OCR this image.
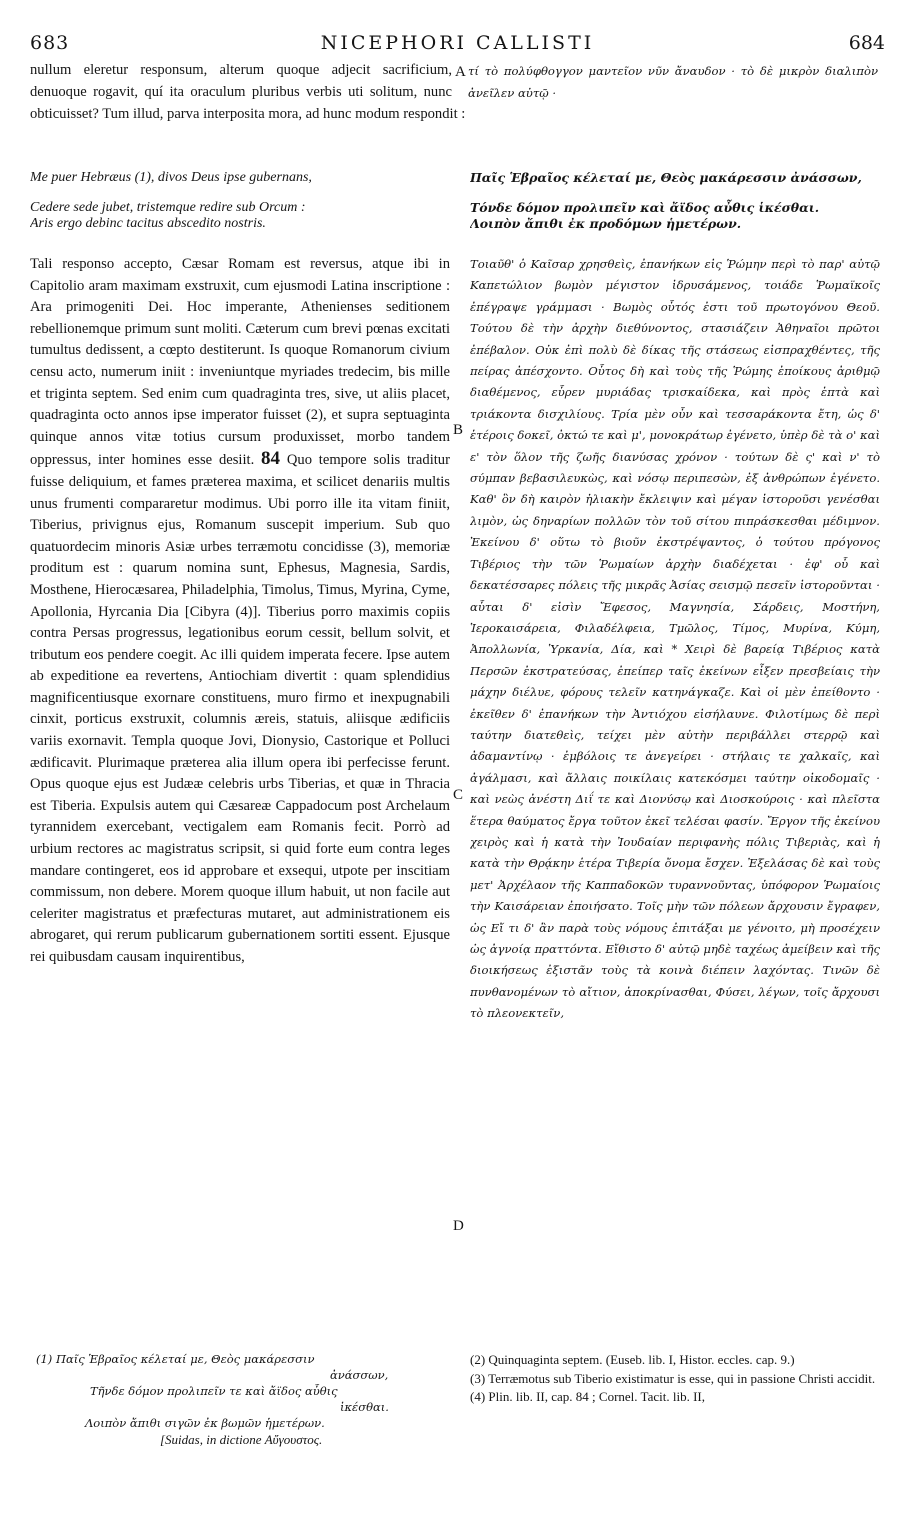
683	NICEPHORI CALLISTI	684

nullum eleretur responsum, alterum quoque adjecit sacrificium, denuoque rogavit, quí ita oraculum pluribus verbis uti solitum, nunc

A τί τὸ πολύφθογγον μαντεῖον νῦν ἄναυδον · τὸ δὲ μικρὸν διαλιπὸν ἀνεῖλεν αὐτῷ ·

obticuisset? Tum illud, parva interposita mora, ad hunc modum respondit :

Me puer Hebræus (1), divos Deus ipse gubernans,
Cedere sede jubet, tristemque redire sub Orcum :
Aris ergo debinc tacitus abscedito nostris.
Παῖς Ἑβραῖος κέλεταί με, Θεὸς μακάρεσσιν ἀνάσσων,
Τόνδε δόμον προλιπεῖν καὶ ἄϊδος αὖθις ἱκέσθαι.
Λοιπὸν ἄπιθι ἐκ προδόμων ἡμετέρων.
Tali responso accepto, Cæsar Romam est reversus, atque ibi in Capitolio aram maximam exstruxit, cum ejusmodi Latina inscriptione : Ara primogeniti Dei. Hoc imperante, Athenienses seditionem rebellionemque primum sunt moliti. Cæterum cum brevi pœnas excitati tumultus dedissent, a cœpto destiterunt. Is quoque Romanorum civium censu acto, numerum iniit : inveniuntque myriades tredecim, bis mille et triginta septem. Sed enim cum quadraginta tres, sive, ut aliis placet, quadraginta octo annos ipse imperator fuisset (2), et supra septuaginta quinque annos vitæ totius cursum produxisset, morbo tandem oppressus, inter homines esse desiit. 84 Quo tempore solis traditur fuisse deliquium, et fames præterea maxima, et scilicet denariis multis unus frumenti compararetur modimus. Ubi porro ille ita vitam finiit, Tiberius, privignus ejus, Romanum suscepit imperium. Sub quo quatuordecim minoris Asiæ urbes terræmotu concidisse (3), memoriæ proditum est : quarum nomina sunt, Ephesus, Magnesia, Sardis, Mosthene, Hierocæsarea, Philadelphia, Timolus, Timus, Myrina, Cyme, Apollonia, Hyrcania Dia [Cibyra (4)]. Tiberius porro maximis copiis contra Persas progressus, legationibus eorum cessit, bellum solvit, et tributum eos pendere coegit. Ac illi quidem imperata fecere. Ipse autem ab expeditione ea revertens, Antiochiam divertit : quam splendidius magnificentiusque exornare constituens, muro firmo et inexpugnabili cinxit, porticus exstruxit, columnis æreis, statuis, aliisque ædificiis variis exornavit. Templa quoque Jovi, Dionysio, Castorique et Polluci ædificavit. Plurimaque præterea alia illum opera ibi perfecisse ferunt. Opus quoque ejus est Judææ celebris urbs Tiberias, et quæ in Thracia est Tiberia. Expulsis autem qui Cæsareæ Cappadocum post Archelaum tyrannidem exercebant, vectigalem eam Romanis fecit. Porrò ad urbium rectores ac magistratus scripsit, si quid forte eum contra leges mandare contingeret, eos id approbare et exsequi, utpote per inscitiam commissum, non debere. Morem quoque illum habuit, ut non facile aut celeriter magistratus et præfecturas mutaret, aut administrationem eis abrogaret, qui rerum publicarum gubernationem sortiti essent. Ejusque rei quibusdam causam inquirentibus,
B
C
D
Τοιαῦθ' ὁ Καῖσαρ χρησθεὶς, ἐπανήκων εἰς Ῥώμην περὶ τὸ παρ' αὐτῷ Καπετώλιον βωμὸν μέγιστον ἱδρυσάμενος, τοιάδε Ῥωμαϊκοῖς ἐπέγραψε γράμμασι · Βωμὸς οὗτός ἐστι τοῦ πρωτογόνου Θεοῦ. Τούτου δὲ τὴν ἀρχὴν διεθύνοντος, στασιάζειν Ἀθηναῖοι πρῶτοι ἐπέβαλον. Οὐκ ἐπὶ πολὺ δὲ δίκας τῆς στάσεως εἰσπραχθέντες, τῆς πείρας ἀπέσχοντο. Οὗτος δὴ καὶ τοὺς τῆς Ῥώμης ἐποίκους ἀριθμῷ διαθέμενος, εὗρεν μυριάδας τρισκαίδεκα, καὶ πρὸς ἑπτὰ καὶ τριάκοντα δισχιλίους. Τρία μὲν οὖν καὶ τεσσαράκοντα ἔτη, ὡς δ' ἑτέροις δοκεῖ, ὀκτώ τε καὶ μ', μονοκράτωρ ἐγένετο, ὑπὲρ δὲ τὰ ο' καὶ ε' τὸν ὅλον τῆς ζωῆς διανύσας χρόνον · τούτων δὲ ς' καὶ ν' τὸ σύμπαν βεβασιλευκὼς, καὶ νόσῳ περιπεσὼν, ἐξ ἀνθρώπων ἐγένετο. Καθ' ὃν δὴ καιρὸν ἡλιακὴν ἔκλειψιν καὶ μέγαν ἱστοροῦσι γενέσθαι λιμὸν, ὡς δηναρίων πολλῶν τὸν τοῦ σίτου πιπράσκεσθαι μέδιμνον. Ἐκείνου δ' οὕτω τὸ βιοῦν ἐκστρέψαντος, ὁ τούτου πρόγονος Τιβέριος τὴν τῶν Ῥωμαίων ἀρχὴν διαδέχεται · ἐφ' οὗ καὶ δεκατέσσαρες πόλεις τῆς μικρᾶς Ἀσίας σεισμῷ πεσεῖν ἱστοροῦνται · αὗται δ' εἰσὶν Ἔφεσος, Μαγνησία, Σάρδεις, Μοστήνη, Ἱεροκαισάρεια, Φιλαδέλφεια, Τμῶλος, Τίμος, Μυρίνα, Κύμη, Ἀπολλωνία, Ὑρκανία, Δία, καὶ * Χειρὶ δὲ βαρείᾳ Τιβέριος κατὰ Περσῶν ἐκστρατεύσας, ἐπείπερ ταῖς ἐκείνων εἶξεν πρεσβείαις τὴν μάχην διέλυε, φόρους τελεῖν κατηνάγκαζε. Καὶ οἱ μὲν ἐπείθοντο · ἐκεῖθεν δ' ἐπανήκων τὴν Ἀντιόχου εἰσήλαυνε. Φιλοτίμως δὲ περὶ ταύτην διατεθεὶς, τείχει μὲν αὐτὴν περιβάλλει στερρῷ καὶ ἀδαμαντίνῳ · ἐμβόλοις τε ἀνεγείρει · στήλαις τε χαλκαῖς, καὶ ἀγάλμασι, καὶ ἄλλαις ποικίλαις κατεκόσμει ταύτην οἰκοδομαῖς · καὶ νεὼς ἀνέστη Διΐ τε καὶ Διονύσῳ καὶ Διοσκούροις · καὶ πλεῖστα ἕτερα θαύματος ἔργα τοῦτον ἐκεῖ τελέσαι φασίν. Ἔργον τῆς ἐκείνου χειρὸς καὶ ἡ κατὰ τὴν Ἰουδαίαν περιφανὴς πόλις Τιβεριὰς, καὶ ἡ κατὰ τὴν Θρᾴκην ἑτέρα Τιβερία ὄνομα ἔσχεν. Ἐξελάσας δὲ καὶ τοὺς μετ' Ἀρχέλαον τῆς Καππαδοκῶν τυραννοῦντας, ὑπόφορον Ῥωμαίοις τὴν Καισάρειαν ἐποιήσατο. Τοῖς μὴν τῶν πόλεων ἄρχουσιν ἔγραφεν, ὡς Εἴ τι δ' ἂν παρὰ τοὺς νόμους ἐπιτάξαι με γένοιτο, μὴ προσέχειν ὡς ἀγνοίᾳ πραττόντα. Εἴθιστο δ' αὐτῷ μηδὲ ταχέως ἀμείβειν καὶ τῆς διοικήσεως ἐξιστᾶν τοὺς τὰ κοινὰ διέπειν λαχόντας. Τινῶν δὲ πυνθανομένων τὸ αἴτιον, ἀποκρίνασθαι, Φύσει, λέγων, τοῖς ἄρχουσι τὸ πλεονεκτεῖν,
(1) Παῖς Ἑβραῖος κέλεταί με, Θεὸς μακάρεσσιν
ἀνάσσων,
Τῆνδε δόμον προλιπεῖν τε καὶ ἄϊδος αὖθις
ἱκέσθαι.
Λοιπὸν ἄπιθι σιγῶν ἐκ βωμῶν ἡμετέρων.
[Suidas, in dictione Αὔγουστος.
(2) Quinquaginta septem. (Euseb. lib. I, Histor. eccles. cap. 9.)
(3) Terræmotus sub Tiberio existimatur is esse, qui in passione Christi accidit.
(4) Plin. lib. II, cap. 84 ; Cornel. Tacit. lib. II,
